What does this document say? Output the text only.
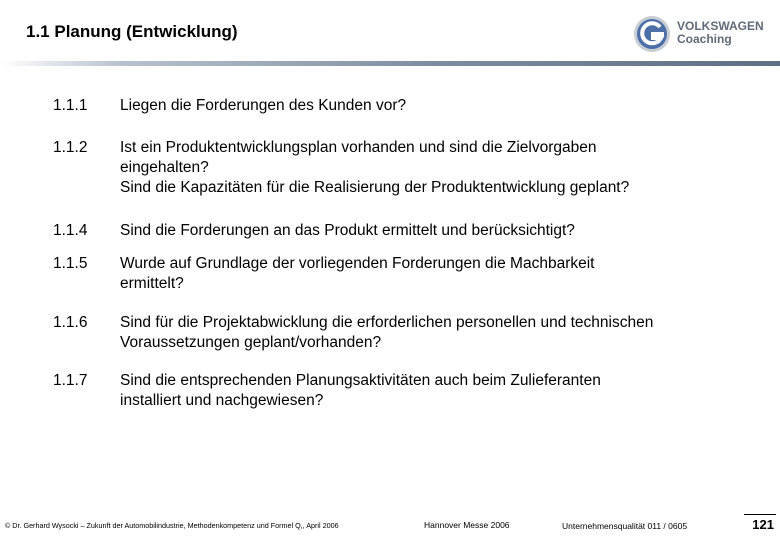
1.1 Planung (Entwicklung)	VOLKSWAGEN
Coaching
1.1.1 Liegen die Forderungen des Kunden vor?
1.1.2 Ist ein Produktentwicklungsplan vorhanden und sind die Zielvorgaben
eingehalten?
Sind die Kapazitäten für die Realisierung der Produktentwicklung geplant?
1.1.4 Sind die Forderungen an das Produkt ermittelt und berücksichtigt?
1.1.5 Wurde auf Grundlage der vorliegenden Forderungen die Machbarkeit
ermittelt?
1.1.6 Sind für die Projektabwicklung die erforderlichen personellen und technischen
Voraussetzungen geplant/vorhanden?
1.1.7 Sind die entsprechenden Planungsaktivitäten auch beim Zulieferanten
installiert und nachgewiesen?
© Dr. Gerhard Wysocki – Zukunft der Automobilindustrie, Methodenkompetenz und Formel Q,, April 2006	Hannover Messe 2006	Unternehmensqualität 011 / 0605	121
